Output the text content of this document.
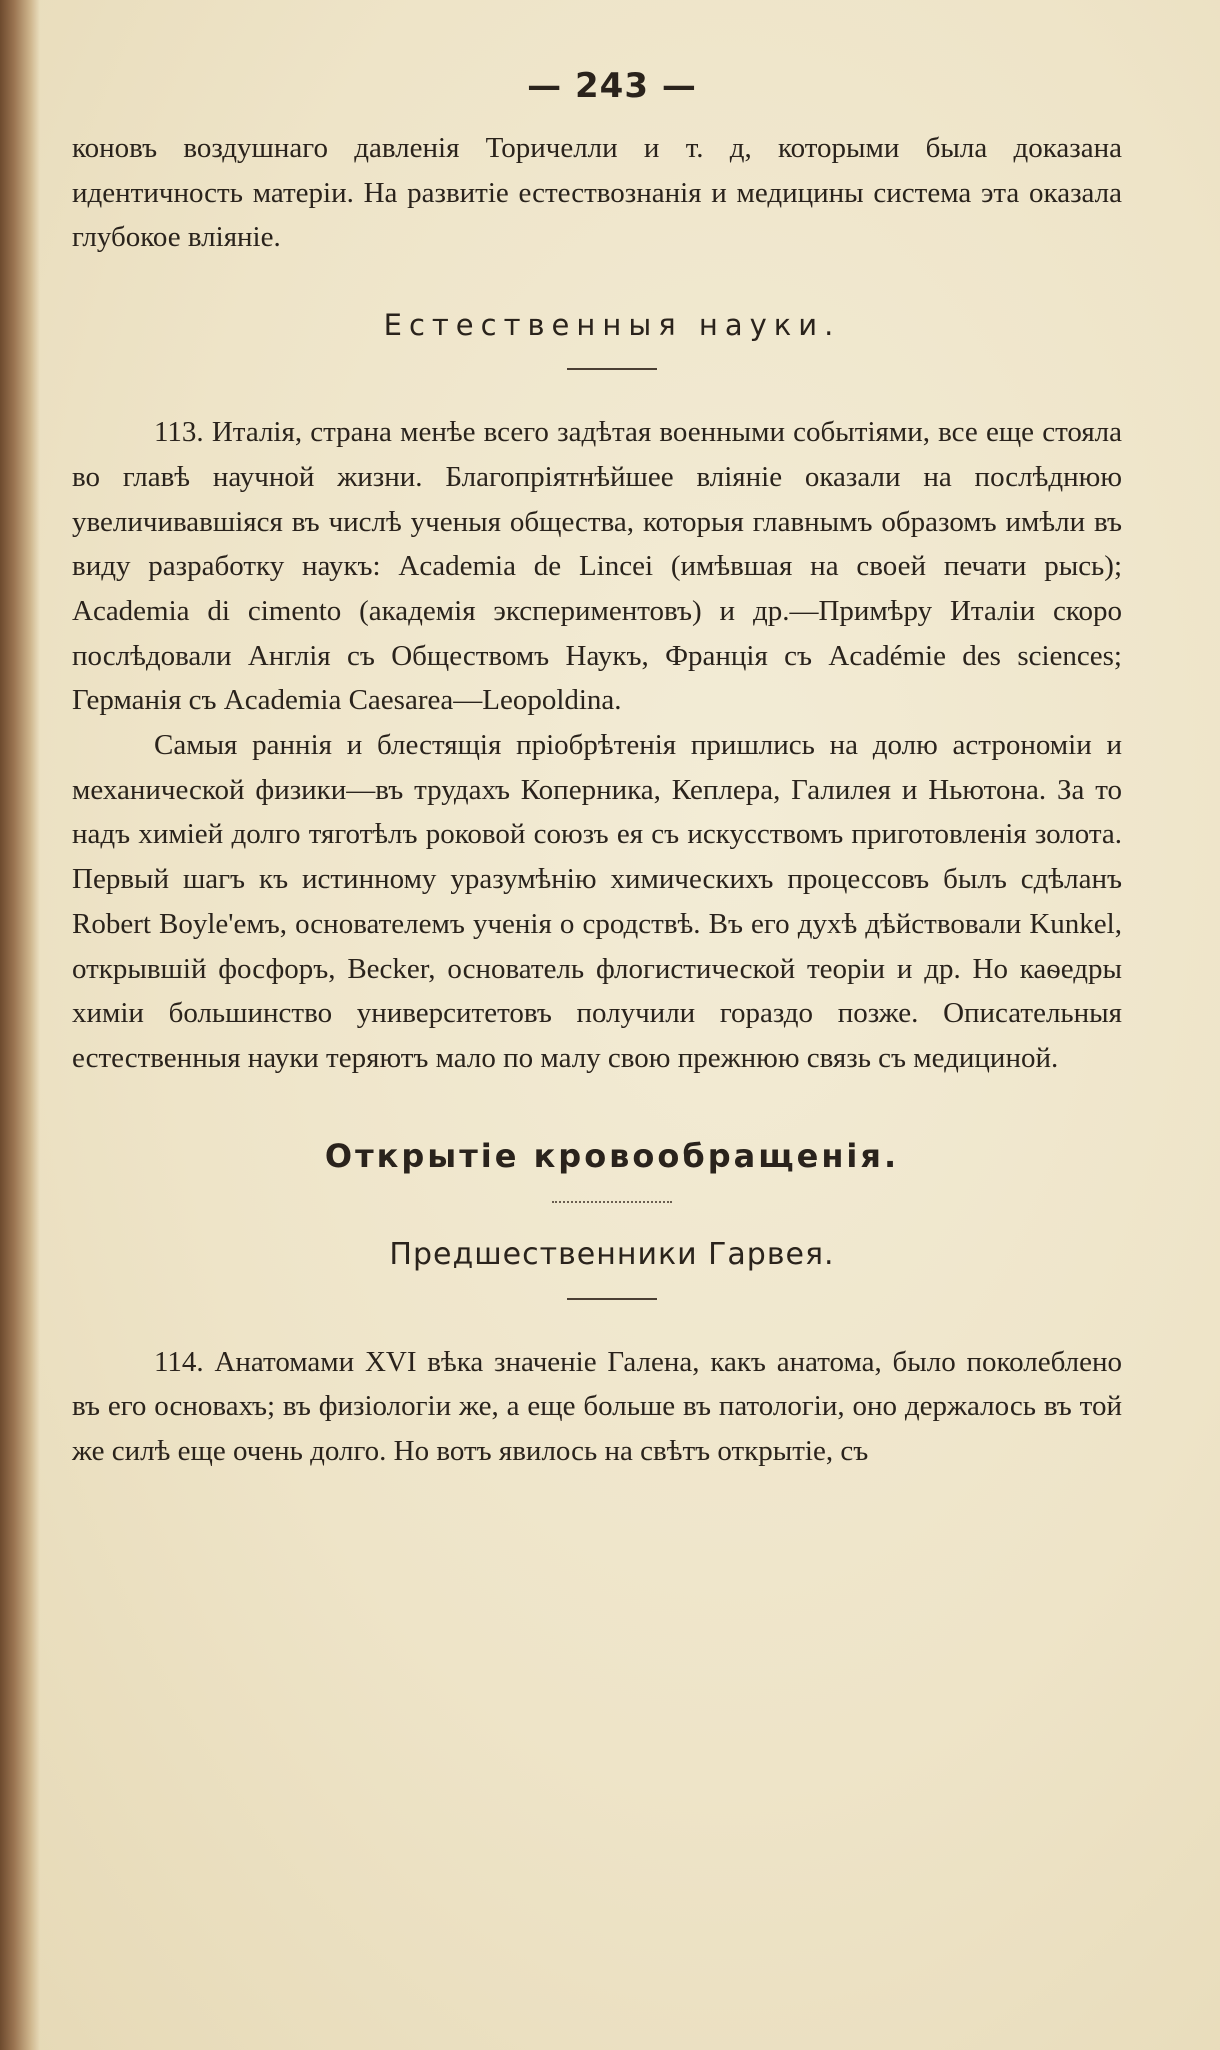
— 243 —

коновъ воздушнаго давленія Торичелли и т. д, которыми была доказана идентичность матеріи. На развитіе естествознанія и медицины система эта оказала глубокое вліяніе.

Естественныя науки.

113. Италія, страна менѣе всего задѣтая военными событіями, все еще стояла во главѣ научной жизни. Благопріятнѣйшее вліяніе оказали на послѣднюю увеличивавшіяся въ числѣ ученыя общества, которыя главнымъ образомъ имѣли въ виду разработку наукъ: Academia de Lincei (имѣвшая на своей печати рысь); Academia di cimento (академія экспериментовъ) и др.—Примѣру Италіи скоро послѣдовали Англія съ Обществомъ Наукъ, Франція съ Académie des sciences; Германія съ Academia Caesarea—Leopoldina.

Самыя раннія и блестящія пріобрѣтенія пришлись на долю астрономіи и механической физики—въ трудахъ Коперника, Кеплера, Галилея и Ньютона. За то надъ химіей долго тяготѣлъ роковой союзъ ея съ искусствомъ приготовленія золота. Первый шагъ къ истинному уразумѣнію химическихъ процессовъ былъ сдѣланъ Robert Boyle'емъ, основателемъ ученія о сродствѣ. Въ его духѣ дѣйствовали Kunkel, открывшій фосфоръ, Becker, основатель флогистической теоріи и др. Но каѳедры химіи большинство университетовъ получили гораздо позже. Описательныя естественныя науки теряютъ мало по малу свою прежнюю связь съ медициной.

Открытіе кровообращенія.
Предшественники Гарвея.

114. Анатомами XVI вѣка значеніе Галена, какъ анатома, было поколеблено въ его основахъ; въ физіологіи же, а еще больше въ патологіи, оно держалось въ той же силѣ еще очень долго. Но вотъ явилось на свѣтъ открытіе, съ
